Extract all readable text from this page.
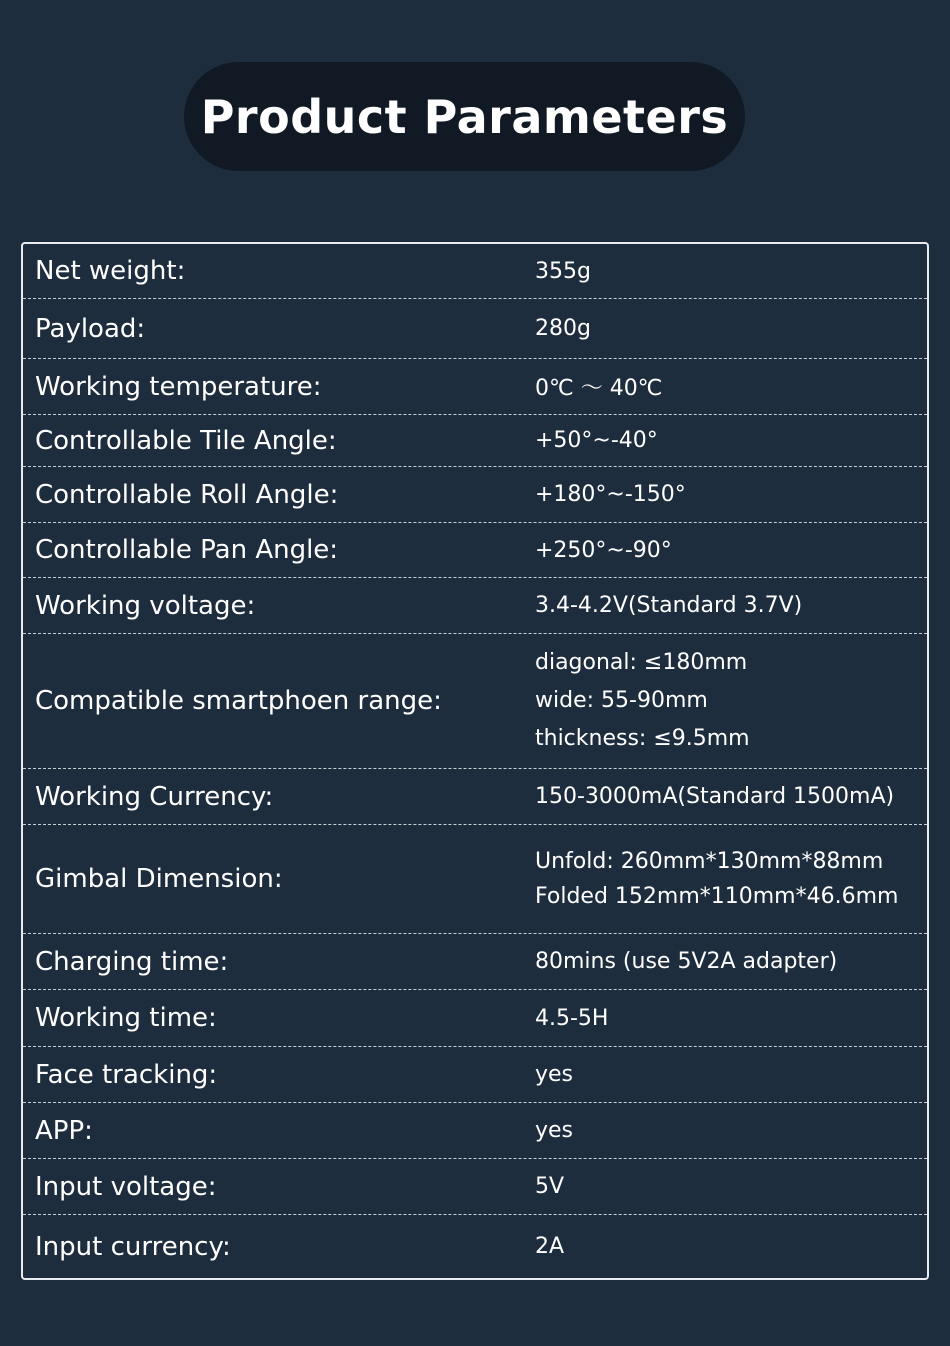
Product Parameters
Net weight:	355g
Payload:	280g
Working temperature:	0℃ ～ 40℃
Controllable Tile Angle:	+50°~-40°
Controllable Roll Angle:	+180°~-150°
Controllable Pan Angle:	+250°~-90°
Working voltage:	3.4-4.2V(Standard 3.7V)
Compatible smartphoen range:
diagonal: ≤180mm
wide: 55-90mm
thickness: ≤9.5mm
Working Currency:	150-3000mA(Standard 1500mA)
Gimbal Dimension:
Unfold: 260mm*130mm*88mm
Folded 152mm*110mm*46.6mm
Charging time:	80mins (use 5V2A adapter)
Working time:	4.5-5H
Face tracking:	yes
APP:	yes
Input voltage:	5V
Input currency:	2A
